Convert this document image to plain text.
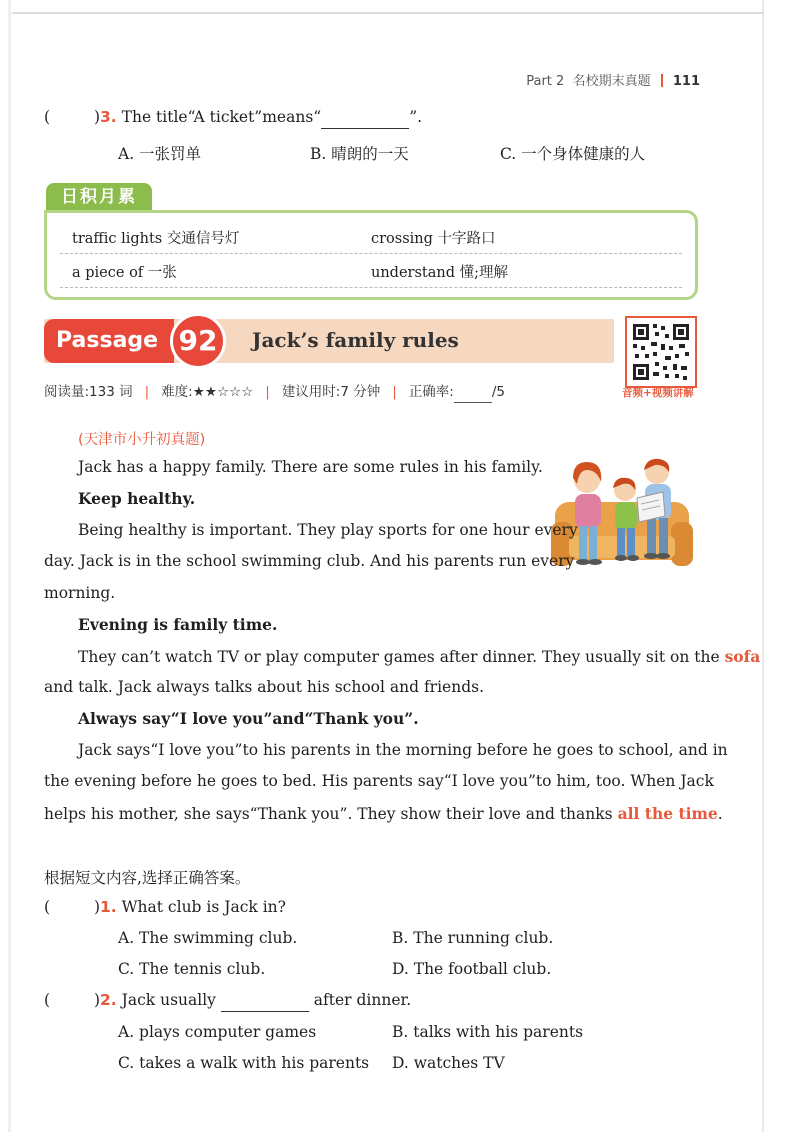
Part 2 名校期末真题 111
(	)3. The title“A ticket”means“	”.
A. 一张罚单	B. 晴朗的一天	C. 一个身体健康的人
日积月累
traffic lights 交通信号灯	crossing 十字路口
a piece of 一张	understand 懂;理解
Passage 92	Jack’s family rules
音频+视频讲解
阅读量:133 词 | 难度:★★☆☆☆ | 建议用时:7 分钟 | 正确率:	/5
(天津市小升初真题)
Jack has a happy family. There are some rules in his family.
Keep healthy.
Being healthy is important. They play sports for one hour every
day. Jack is in the school swimming club. And his parents run every
morning.
Evening is family time.
They can’t watch TV or play computer games after dinner. They usually sit on the sofa
and talk. Jack always talks about his school and friends.
Always say“I love you”and“Thank you”.
Jack says“I love you”to his parents in the morning before he goes to school, and in
the evening before he goes to bed. His parents say“I love you”to him, too. When Jack
helps his mother, she says“Thank you”. They show their love and thanks all the time.
根据短文内容,选择正确答案。
(	)1. What club is Jack in?
A. The swimming club.	B. The running club.
C. The tennis club.	D. The football club.
(	)2. Jack usually	after dinner.
A. plays computer games	B. talks with his parents
C. takes a walk with his parents D. watches TV
